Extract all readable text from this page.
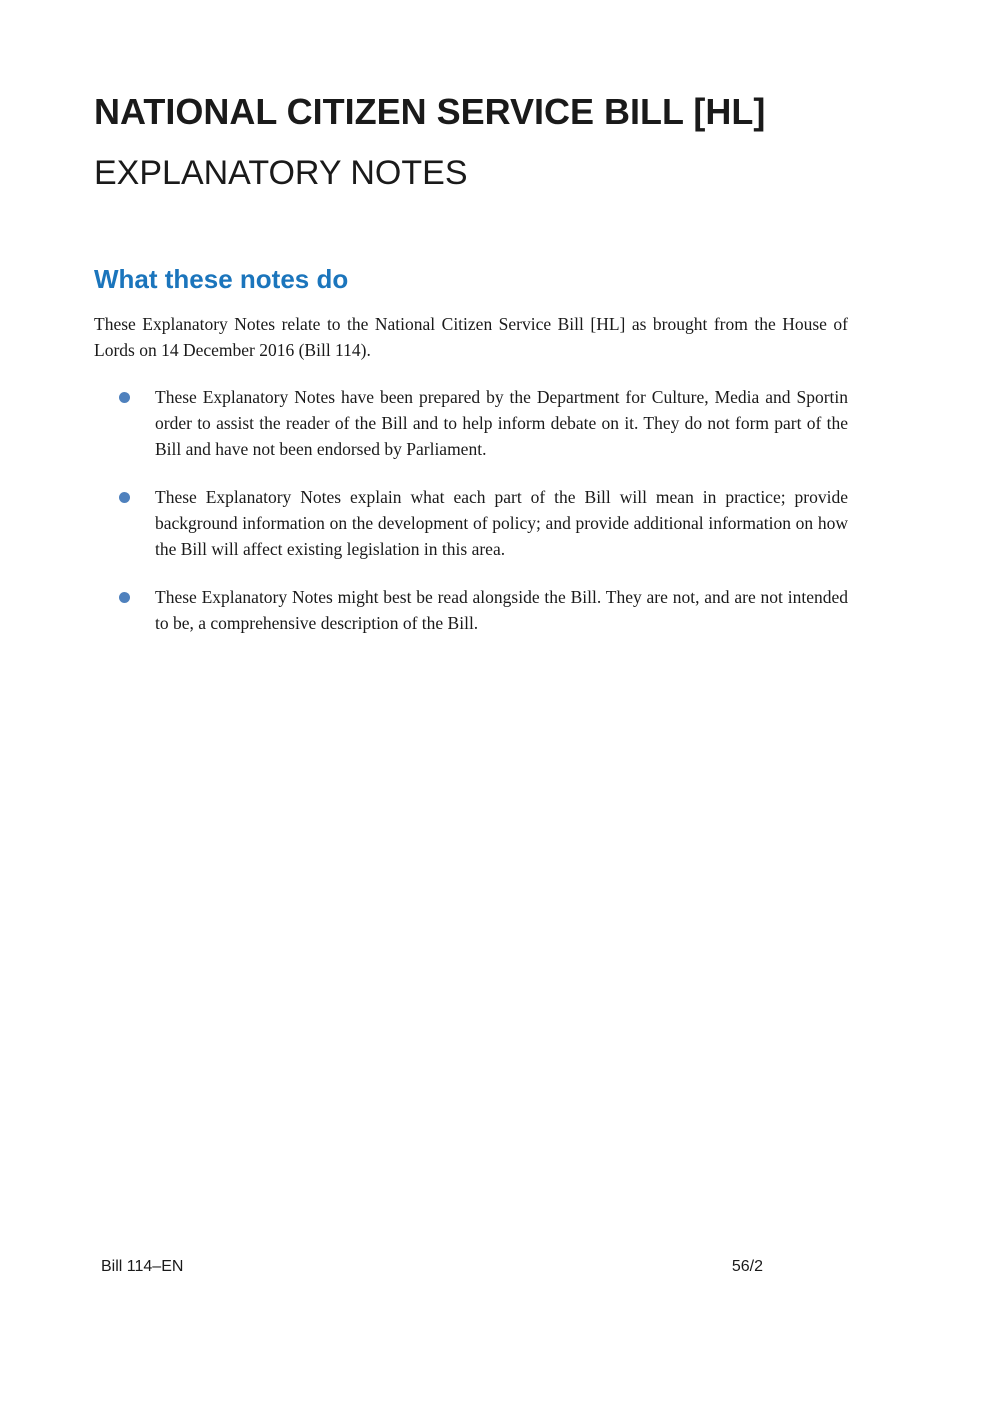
NATIONAL CITIZEN SERVICE BILL [HL]
EXPLANATORY NOTES
What these notes do

These Explanatory Notes relate to the National Citizen Service Bill [HL] as brought from the House of Lords on 14 December 2016 (Bill 114).

These Explanatory Notes have been prepared by the Department for Culture, Media and Sportin order to assist the reader of the Bill and to help inform debate on it. They do not form part of the Bill and have not been endorsed by Parliament.
These Explanatory Notes explain what each part of the Bill will mean in practice; provide background information on the development of policy; and provide additional information on how the Bill will affect existing legislation in this area.
These Explanatory Notes might best be read alongside the Bill. They are not, and are not intended to be, a comprehensive description of the Bill.
Bill 114–EN	56/2
